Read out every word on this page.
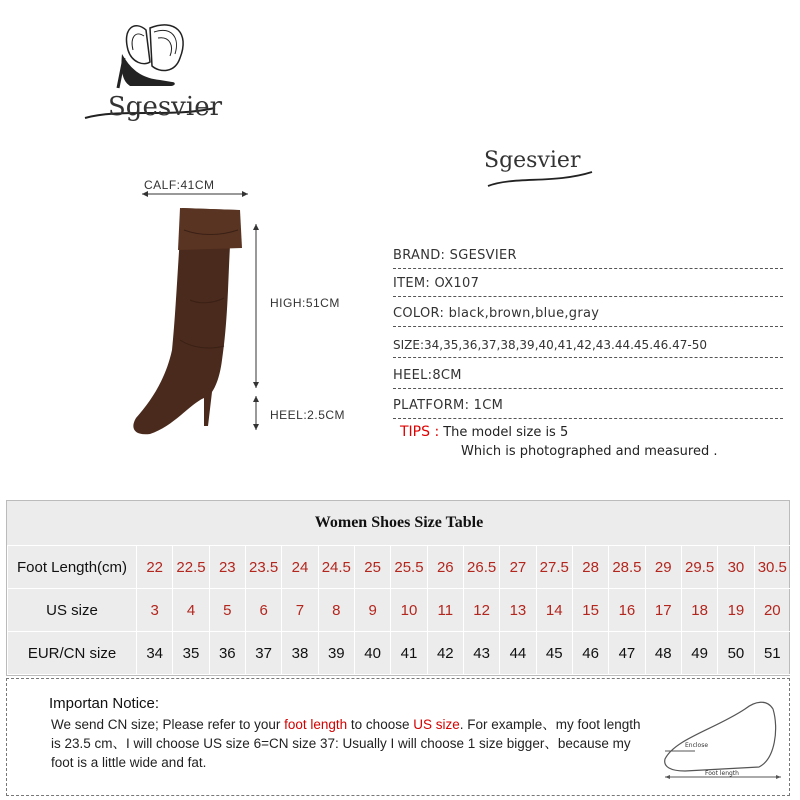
Sgesvier
Sgesvier
CALF:41CM
HIGH:51CM
HEEL:2.5CM
BRAND: SGESVIER
ITEM: OX107
COLOR: black,brown,blue,gray
SIZE:34,35,36,37,38,39,40,41,42,43.44.45.46.47-50
HEEL:8CM
PLATFORM: 1CM
TIPS : The model size is 5
Which is photographed and measured .
Women Shoes Size Table
Foot Length(cm)	22	22.5	23	23.5	24	24.5	25	25.5	26	26.5	27	27.5	28	28.5	29	29.5	30	30.5
US size	3	4	5	6	7	8	9	10	11	12	13	14	15	16	17	18	19	20
EUR/CN size	34	35	36	37	38	39	40	41	42	43	44	45	46	47	48	49	50	51
Importan Notice:
We send CN size; Please refer to your foot length to choose US size. For example、my foot length is 23.5 cm、I will choose US size 6=CN size 37: Usually I will choose 1 size bigger、because my foot is a little wide and fat.
Enclose
Foot length
